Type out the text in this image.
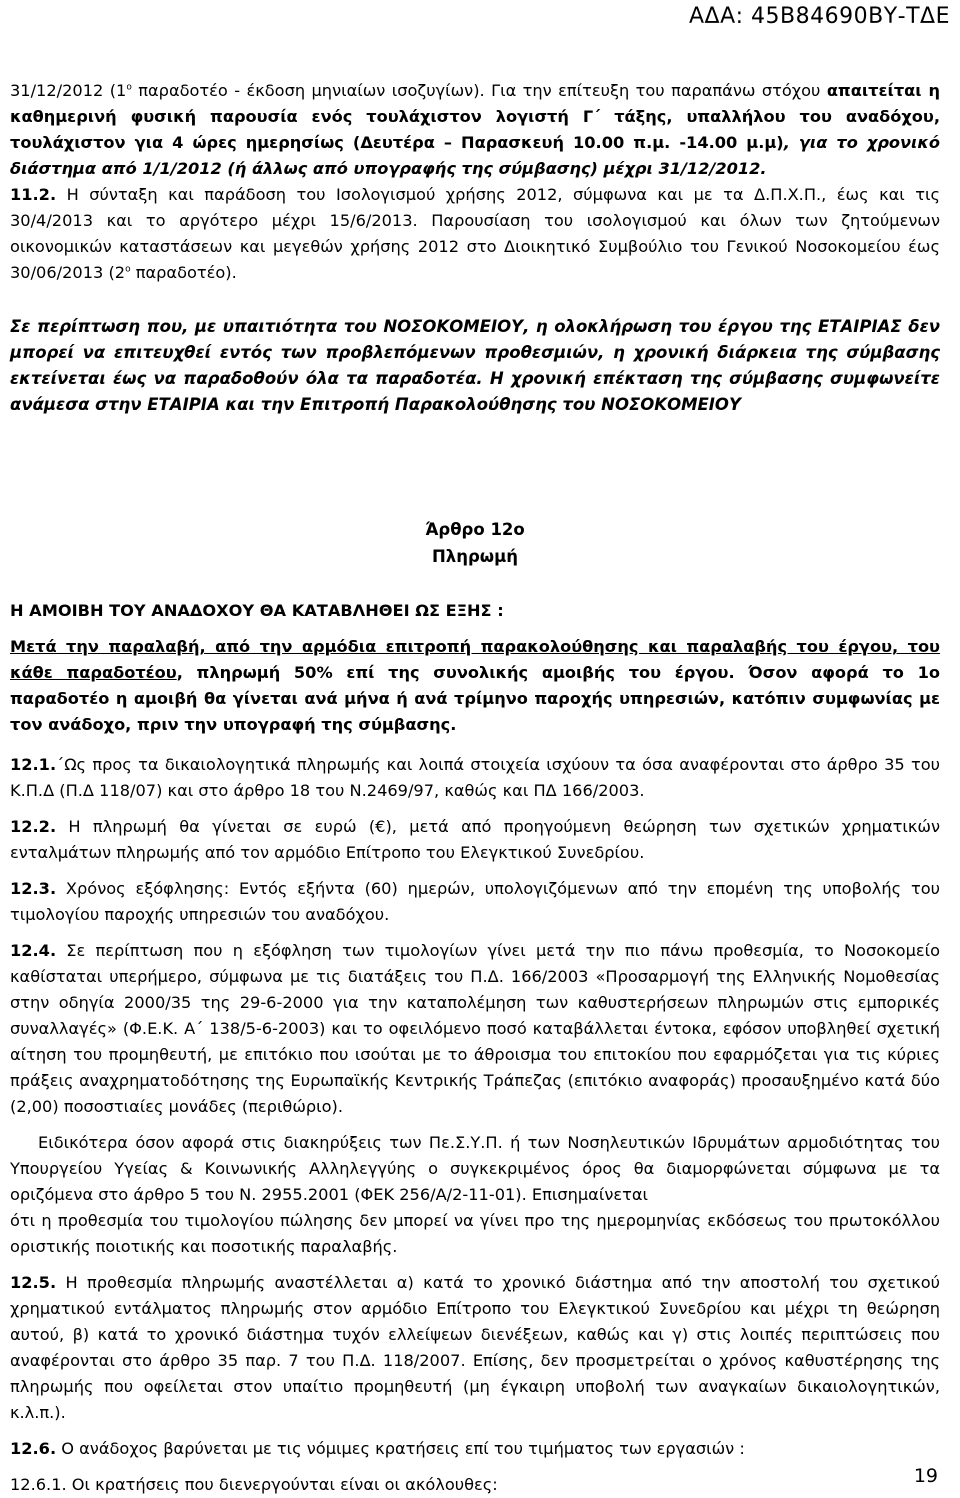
ΑΔΑ: 45Β84690ΒΥ-ΤΔΕ

31/12/2012 ($1^o$ παραδοτέο - έκδοση μηνιαίων ισοζυγίων). Για την επίτευξη του παραπάνω στόχου απαιτείται η καθημερινή φυσική παρουσία ενός τουλάχιστον λογιστή Γ΄ τάξης, υπαλλήλου του αναδόχου, τουλάχιστον για 4 ώρες ημερησίως (Δευτέρα – Παρασκευή 10.00 π.μ. -14.00 μ.μ), για το χρονικό διάστημα από 1/1/2012 (ή άλλως από υπογραφής της σύμβασης) μέχρι 31/12/2012.

11.2. Η σύνταξη και παράδοση του Ισολογισμού χρήσης 2012, σύμφωνα και με τα Δ.Π.Χ.Π., έως και τις 30/4/2013 και το αργότερο μέχρι 15/6/2013. Παρουσίαση του ισολογισμού και όλων των ζητούμενων οικονομικών καταστάσεων και μεγεθών χρήσης 2012 στο Διοικητικό Συμβούλιο του Γενικού Νοσοκομείου έως 30/06/2013 ($2^o$ παραδοτέο).

Σε περίπτωση που, με υπαιτιότητα του ΝΟΣΟΚΟΜΕΙΟΥ, η ολοκλήρωση του έργου της ΕΤΑΙΡΙΑΣ δεν μπορεί να επιτευχθεί εντός των προβλεπόμενων προθεσμιών, η χρονική διάρκεια της σύμβασης εκτείνεται έως να παραδοθούν όλα τα παραδοτέα. Η χρονική επέκταση της σύμβασης συμφωνείτε ανάμεσα στην ΕΤΑΙΡΙΑ και την Επιτροπή Παρακολούθησης του ΝΟΣΟΚΟΜΕΙΟΥ

Άρθρο 12ο

Πληρωμή

Η ΑΜΟΙΒΗ ΤΟΥ ΑΝΑΔΟΧΟΥ ΘΑ ΚΑΤΑΒΛΗΘΕΙ ΩΣ ΕΞΗΣ :

Μετά την παραλαβή, από την αρμόδια επιτροπή παρακολούθησης και παραλαβής του έργου, του κάθε παραδοτέου, πληρωμή 50% επί της συνολικής αμοιβής του έργου. Όσον αφορά το 1ο παραδοτέο η αμοιβή θα γίνεται ανά μήνα ή ανά τρίμηνο παροχής υπηρεσιών, κατόπιν συμφωνίας με τον ανάδοχο, πριν την υπογραφή της σύμβασης.

12.1.΄Ως προς τα δικαιολογητικά πληρωμής και λοιπά στοιχεία ισχύουν τα όσα αναφέρονται στο άρθρο 35 του Κ.Π.Δ (Π.Δ 118/07) και στο άρθρο 18 του Ν.2469/97, καθώς και ΠΔ 166/2003.

12.2. Η πληρωμή θα γίνεται σε ευρώ (€), μετά από προηγούμενη θεώρηση των σχετικών χρηματικών ενταλμάτων πληρωμής από τον αρμόδιο Επίτροπο του Ελεγκτικού Συνεδρίου.

12.3. Χρόνος εξόφλησης: Εντός εξήντα (60) ημερών, υπολογιζόμενων από την επομένη της υποβολής του τιμολογίου παροχής υπηρεσιών του αναδόχου.

12.4. Σε περίπτωση που η εξόφληση των τιμολογίων γίνει μετά την πιο πάνω προθεσμία, το Νοσοκομείο καθίσταται υπερήμερο, σύμφωνα με τις διατάξεις του Π.Δ. 166/2003 «Προσαρμογή της Ελληνικής Νομοθεσίας στην οδηγία 2000/35 της 29-6-2000 για την καταπολέμηση των καθυστερήσεων πληρωμών στις εμπορικές συναλλαγές» (Φ.Ε.Κ. Α΄ 138/5-6-2003) και το οφειλόμενο ποσό καταβάλλεται έντοκα, εφόσον υποβληθεί σχετική αίτηση του προμηθευτή, με επιτόκιο που ισούται με το άθροισμα του επιτοκίου που εφαρμόζεται για τις κύριες πράξεις αναχρηματοδότησης της Ευρωπαϊκής Κεντρικής Τράπεζας (επιτόκιο αναφοράς) προσαυξημένο κατά δύο (2,00) ποσοστιαίες μονάδες (περιθώριο).

Ειδικότερα όσον αφορά στις διακηρύξεις των Πε.Σ.Υ.Π. ή των Νοσηλευτικών Ιδρυμάτων αρμοδιότητας του Υπουργείου Υγείας & Κοινωνικής Αλληλεγγύης ο συγκεκριμένος όρος θα διαμορφώνεται σύμφωνα με τα οριζόμενα στο άρθρο 5 του Ν. 2955.2001 (ΦΕΚ 256/Α/2-11-01). Επισημαίνεται

ότι η προθεσμία του τιμολογίου πώλησης δεν μπορεί να γίνει προ της ημερομηνίας εκδόσεως του πρωτοκόλλου οριστικής ποιοτικής και ποσοτικής παραλαβής.

12.5. Η προθεσμία πληρωμής αναστέλλεται α) κατά το χρονικό διάστημα από την αποστολή του σχετικού χρηματικού εντάλματος πληρωμής στον αρμόδιο Επίτροπο του Ελεγκτικού Συνεδρίου και μέχρι τη θεώρηση αυτού, β) κατά το χρονικό διάστημα τυχόν ελλείψεων διενέξεων, καθώς και γ) στις λοιπές περιπτώσεις που αναφέρονται στο άρθρο 35 παρ. 7 του Π.Δ. 118/2007. Επίσης, δεν προσμετρείται ο χρόνος καθυστέρησης της πληρωμής που οφείλεται στον υπαίτιο προμηθευτή (μη έγκαιρη υποβολή των αναγκαίων δικαιολογητικών, κ.λ.π.).

12.6. Ο ανάδοχος βαρύνεται με τις νόμιμες κρατήσεις επί του τιμήματος των εργασιών :

12.6.1. Οι κρατήσεις που διενεργούνται είναι οι ακόλουθες:	19
